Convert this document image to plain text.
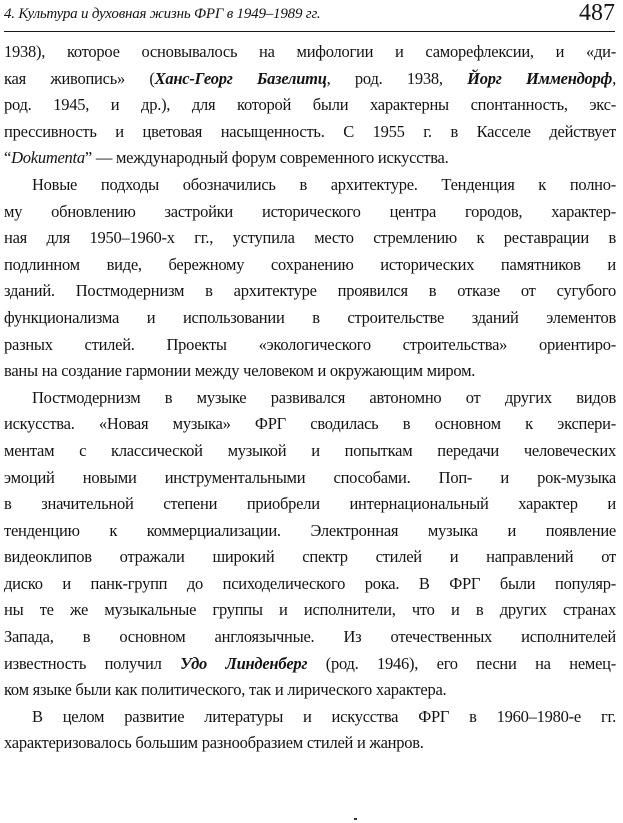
4. Культура и духовная жизнь ФРГ в 1949–1989 гг.	487
1938), которое основывалось на мифологии и саморефлексии, и «ди-
кая живопись» (Ханс-Георг Базелитц, род. 1938, Йорг Иммендорф,
род. 1945, и др.), для которой были характерны спонтанность, экс-
прессивность и цветовая насыщенность. С 1955 г. в Касселе действует
“Dokumenta” — международный форум современного искусства.
Новые подходы обозначились в архитектуре. Тенденция к полно-
му обновлению застройки исторического центра городов, характер-
ная для 1950–1960-х гг., уступила место стремлению к реставрации в
подлинном виде, бережному сохранению исторических памятников и
зданий. Постмодернизм в архитектуре проявился в отказе от сугубого
функционализма и использовании в строительстве зданий элементов
разных стилей. Проекты «экологического строительства» ориентиро-
ваны на создание гармонии между человеком и окружающим миром.
Постмодернизм в музыке развивался автономно от других видов
искусства. «Новая музыка» ФРГ сводилась в основном к экспери-
ментам с классической музыкой и попыткам передачи человеческих
эмоций новыми инструментальными способами. Поп- и рок-музыка
в значительной степени приобрели интернациональный характер и
тенденцию к коммерциализации. Электронная музыка и появление
видеоклипов отражали широкий спектр стилей и направлений от
диско и панк-групп до психоделического рока. В ФРГ были популяр-
ны те же музыкальные группы и исполнители, что и в других странах
Запада, в основном англоязычные. Из отечественных исполнителей
известность получил Удо Линденберг (род. 1946), его песни на немец-
ком языке были как политического, так и лирического характера.
В целом развитие литературы и искусства ФРГ в 1960–1980-е гг.
характеризовалось большим разнообразием стилей и жанров.
